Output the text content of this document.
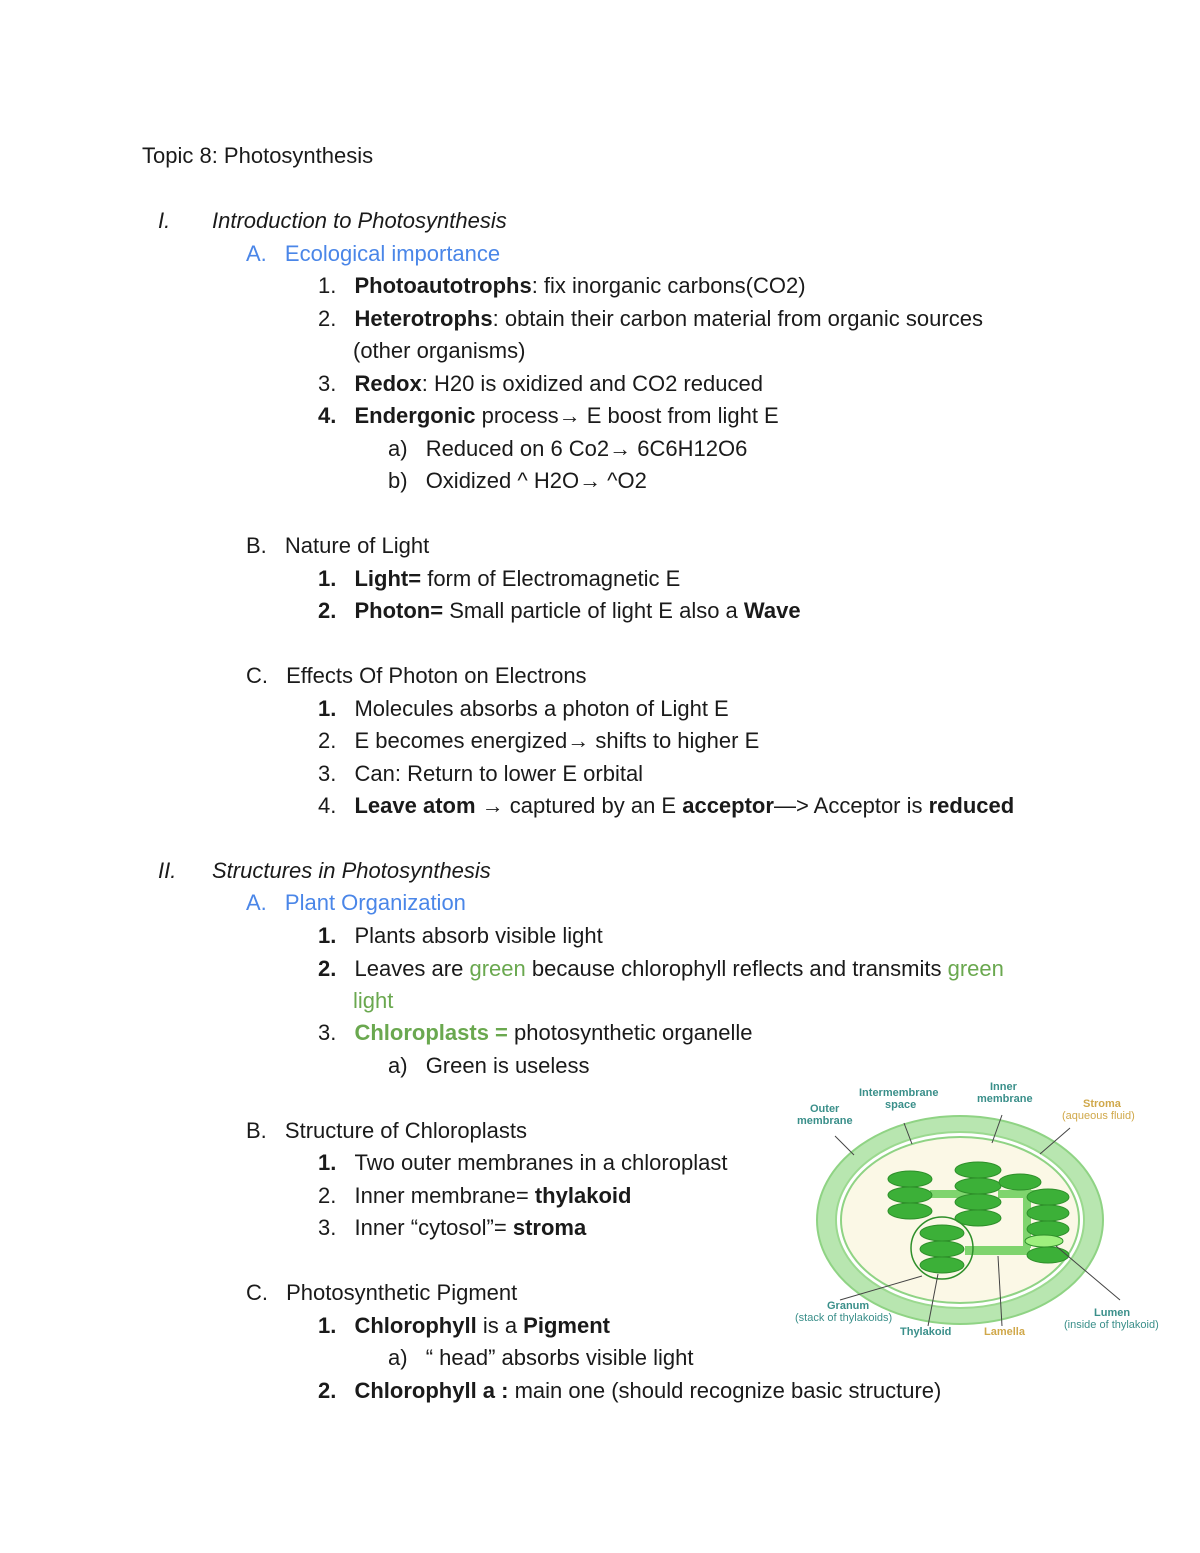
Topic 8: Photosynthesis
I. Introduction to Photosynthesis
A. Ecological importance
1. Photoautotrophs: fix inorganic carbons(CO2)
2. Heterotrophs: obtain their carbon material from organic sources
(other organisms)
3. Redox: H20 is oxidized and CO2 reduced
4. Endergonic process→ E boost from light E
a) Reduced on 6 Co2→ 6C6H12O6
b) Oxidized ^ H2O→ ^O2
B. Nature of Light
1. Light= form of Electromagnetic E
2. Photon= Small particle of light E also a Wave
C. Effects Of Photon on Electrons
1. Molecules absorbs a photon of Light E
2. E becomes energized→ shifts to higher E
3. Can: Return to lower E orbital
4. Leave atom → captured by an E acceptor—> Acceptor is reduced
II. Structures in Photosynthesis
A. Plant Organization
1. Plants absorb visible light
2. Leaves are green because chlorophyll reflects and transmits green
light
3. Chloroplasts = photosynthetic organelle
a) Green is useless
B. Structure of Chloroplasts
1. Two outer membranes in a chloroplast
2. Inner membrane= thylakoid
3. Inner “cytosol”= stroma
C. Photosynthetic Pigment
1. Chlorophyll is a Pigment
a) “ head” absorbs visible light
2. Chlorophyll a : main one (should recognize basic structure)
Outer
membrane
Intermembrane
space
Inner
membrane
Granum
(stack of thylakoids)
Thylakoid
Lumen
(inside of thylakoid)
Stroma
(aqueous fluid)
Lamella
